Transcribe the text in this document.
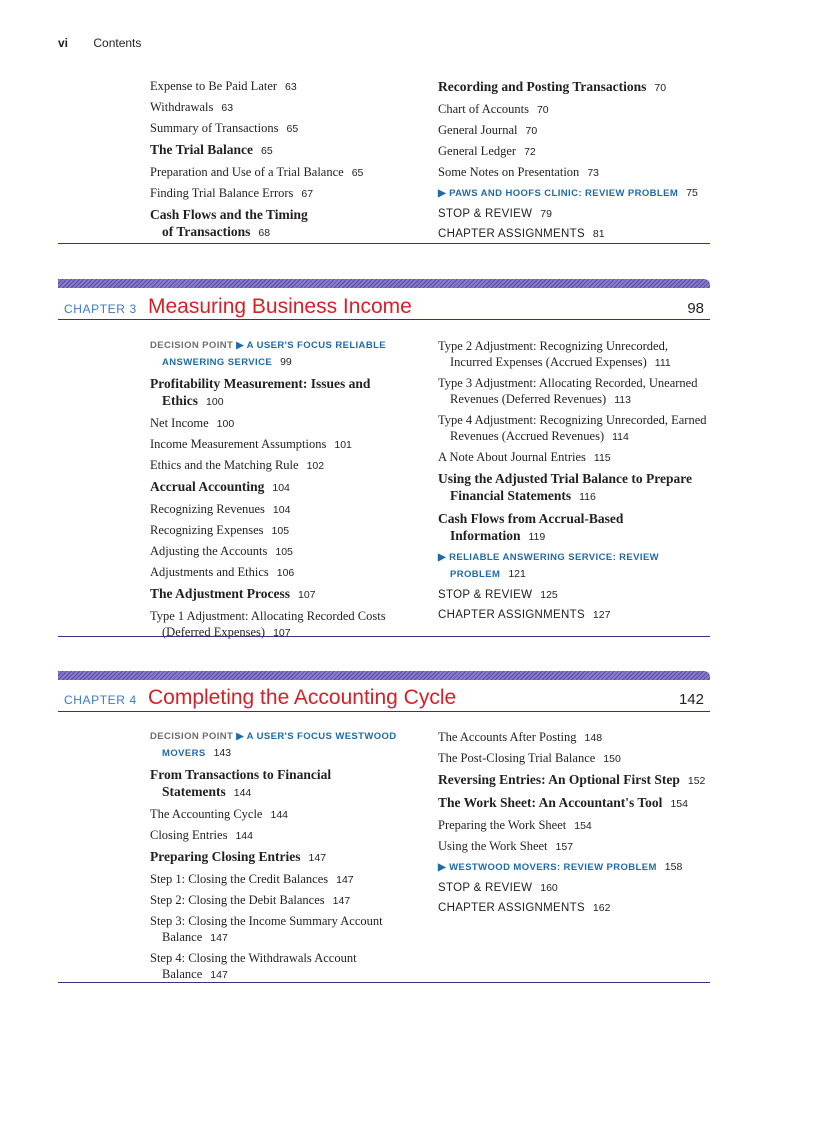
vi Contents
Expense to Be Paid Later 63
Withdrawals 63
Summary of Transactions 65
The Trial Balance 65
Preparation and Use of a Trial Balance 65
Finding Trial Balance Errors 67
Cash Flows and the Timing
of Transactions 68
Recording and Posting Transactions 70
Chart of Accounts 70
General Journal 70
General Ledger 72
Some Notes on Presentation 73
▶ PAWS AND HOOFS CLINIC: REVIEW PROBLEM 75
STOP & REVIEW 79
CHAPTER ASSIGNMENTS 81
CHAPTER 3 Measuring Business Income	98
DECISION POINT ▶ A USER'S FOCUS RELIABLE ANSWERING SERVICE 99
Profitability Measurement: Issues and Ethics 100
Net Income 100
Income Measurement Assumptions 101
Ethics and the Matching Rule 102
Accrual Accounting 104
Recognizing Revenues 104
Recognizing Expenses 105
Adjusting the Accounts 105
Adjustments and Ethics 106
The Adjustment Process 107
Type 1 Adjustment: Allocating Recorded Costs (Deferred Expenses) 107
Type 2 Adjustment: Recognizing Unrecorded, Incurred Expenses (Accrued Expenses) 111
Type 3 Adjustment: Allocating Recorded, Unearned Revenues (Deferred Revenues) 113
Type 4 Adjustment: Recognizing Unrecorded, Earned Revenues (Accrued Revenues) 114
A Note About Journal Entries 115
Using the Adjusted Trial Balance to Prepare Financial Statements 116
Cash Flows from Accrual-Based Information 119
▶ RELIABLE ANSWERING SERVICE: REVIEW PROBLEM 121
STOP & REVIEW 125
CHAPTER ASSIGNMENTS 127
CHAPTER 4 Completing the Accounting Cycle	142
DECISION POINT ▶ A USER'S FOCUS WESTWOOD MOVERS 143
From Transactions to Financial Statements 144
The Accounting Cycle 144
Closing Entries 144
Preparing Closing Entries 147
Step 1: Closing the Credit Balances 147
Step 2: Closing the Debit Balances 147
Step 3: Closing the Income Summary Account Balance 147
Step 4: Closing the Withdrawals Account Balance 147
The Accounts After Posting 148
The Post-Closing Trial Balance 150
Reversing Entries: An Optional First Step 152
The Work Sheet: An Accountant's Tool 154
Preparing the Work Sheet 154
Using the Work Sheet 157
▶ WESTWOOD MOVERS: REVIEW PROBLEM 158
STOP & REVIEW 160
CHAPTER ASSIGNMENTS 162
